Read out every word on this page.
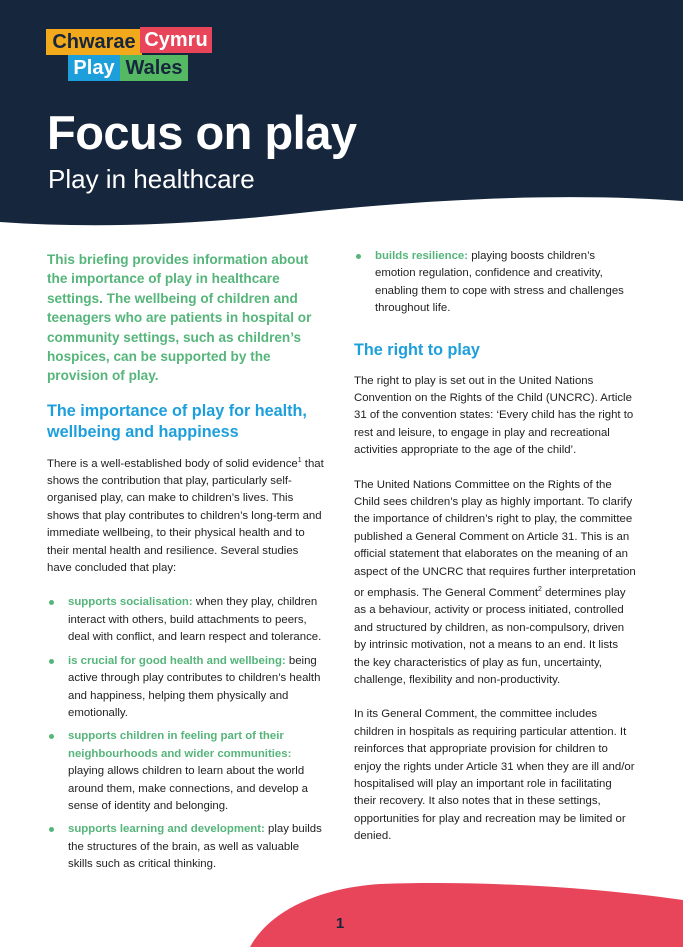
Chwarae Cymru
Play Wales
Focus on play
Play in healthcare

This briefing provides information about the importance of play in healthcare settings. The wellbeing of children and teenagers who are patients in hospital or community settings, such as children’s hospices, can be supported by the provision of play.

The importance of play for health, wellbeing and happiness

There is a well-established body of solid evidence$^1$ that shows the contribution that play, particularly self-organised play, can make to children’s lives. This shows that play contributes to children’s long-term and immediate wellbeing, to their physical health and to their mental health and resilience. Several studies have concluded that play:

supports socialisation: when they play, children interact with others, build attachments to peers, deal with conflict, and learn respect and tolerance.
is crucial for good health and wellbeing: being active through play contributes to children’s health and happiness, helping them physically and emotionally.
supports children in feeling part of their neighbourhoods and wider communities: playing allows children to learn about the world around them, make connections, and develop a sense of identity and belonging.
supports learning and development: play builds the structures of the brain, as well as valuable skills such as critical thinking.
builds resilience: playing boosts children’s emotion regulation, confidence and creativity, enabling them to cope with stress and challenges throughout life.
The right to play

The right to play is set out in the United Nations Convention on the Rights of the Child (UNCRC). Article 31 of the convention states: ‘Every child has the right to rest and leisure, to engage in play and recreational activities appropriate to the age of the child’.

The United Nations Committee on the Rights of the Child sees children’s play as highly important. To clarify the importance of children’s right to play, the committee published a General Comment on Article 31. This is an official statement that elaborates on the meaning of an aspect of the UNCRC that requires further interpretation or emphasis. The General Comment$^2$ determines play as a behaviour, activity or process initiated, controlled and structured by children, as non-compulsory, driven by intrinsic motivation, not a means to an end. It lists the key characteristics of play as fun, uncertainty, challenge, flexibility and non-productivity.

In its General Comment, the committee includes children in hospitals as requiring particular attention. It reinforces that appropriate provision for children to enjoy the rights under Article 31 when they are ill and/or hospitalised will play an important role in facilitating their recovery. It also notes that in these settings, opportunities for play and recreation may be limited or denied.

1
